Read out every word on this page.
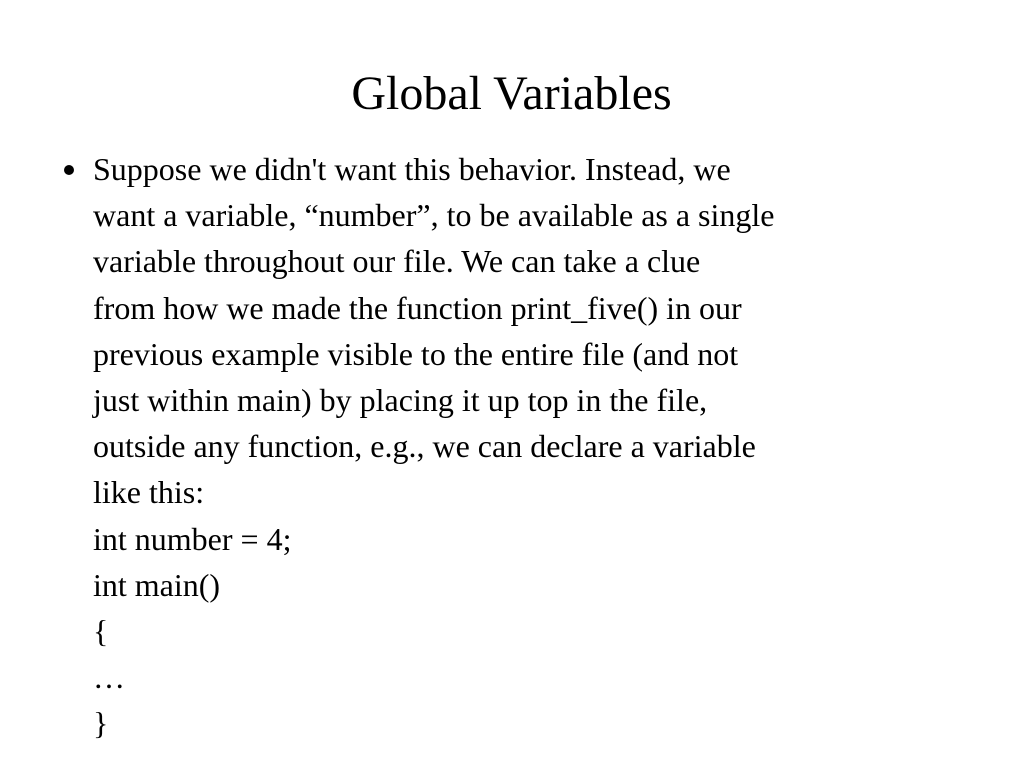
Global Variables
Suppose we didn't want this behavior. Instead, we
want a variable, “number”, to be available as a single
variable throughout our file. We can take a clue
from how we made the function print_five() in our
previous example visible to the entire file (and not
just within main) by placing it up top in the file,
outside any function, e.g., we can declare a variable
like this:
int number = 4;
int main()
{
…
}
